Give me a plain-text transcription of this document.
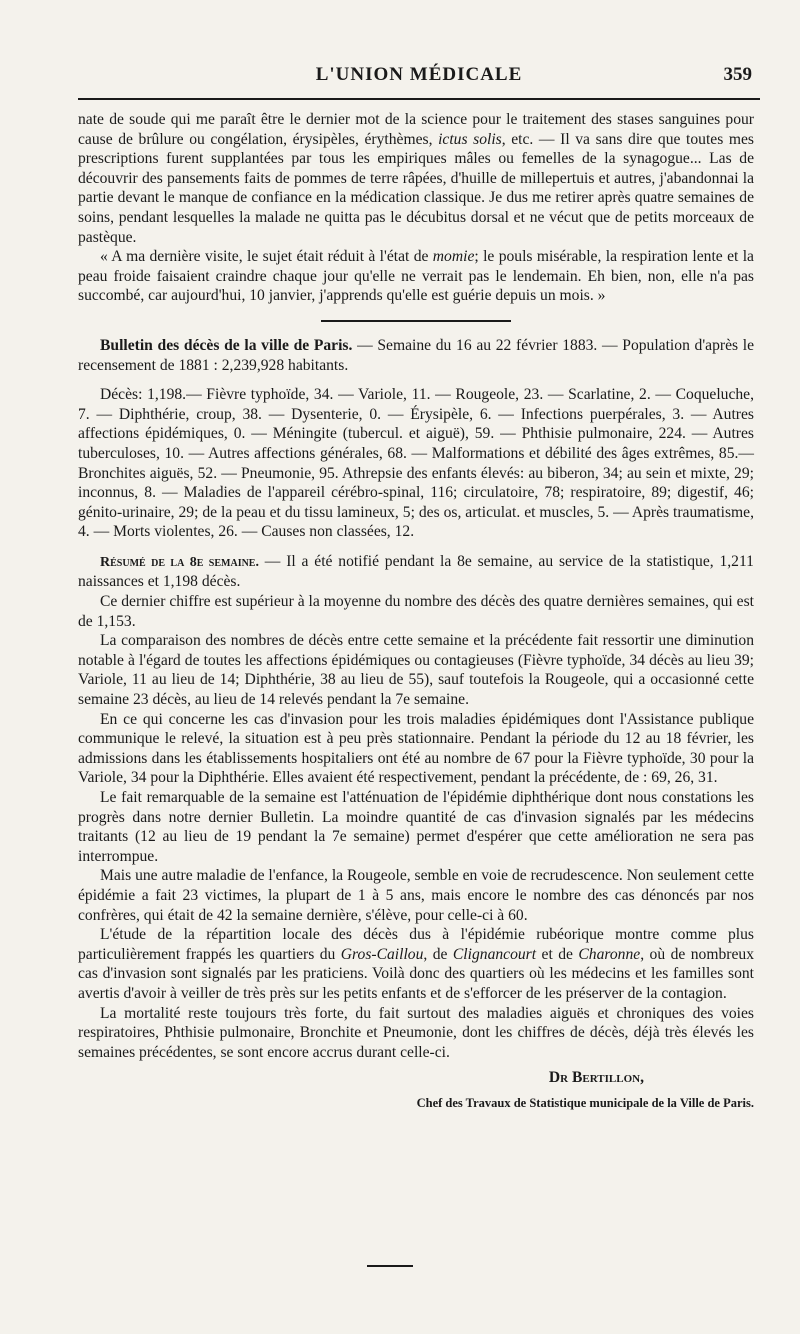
L'UNION MÉDICALE	359

nate de soude qui me paraît être le dernier mot de la science pour le traitement des stases sanguines pour cause de brûlure ou congélation, érysipèles, érythèmes, ictus solis, etc. — Il va sans dire que toutes mes prescriptions furent supplantées par tous les empiriques mâles ou femelles de la synagogue... Las de découvrir des pansements faits de pommes de terre râpées, d'huille de millepertuis et autres, j'abandonnai la partie devant le manque de confiance en la médication classique. Je dus me retirer après quatre semaines de soins, pendant lesquelles la malade ne quitta pas le décubitus dorsal et ne vécut que de petits morceaux de pastèque.

« A ma dernière visite, le sujet était réduit à l'état de momie; le pouls misérable, la respiration lente et la peau froide faisaient craindre chaque jour qu'elle ne verrait pas le lendemain. Eh bien, non, elle n'a pas succombé, car aujourd'hui, 10 janvier, j'apprends qu'elle est guérie depuis un mois. »

Bulletin des décès de la ville de Paris. — Semaine du 16 au 22 février 1883. — Population d'après le recensement de 1881 : 2,239,928 habitants.

Décès: 1,198.— Fièvre typhoïde, 34. — Variole, 11. — Rougeole, 23. — Scarlatine, 2. — Coqueluche, 7. — Diphthérie, croup, 38. — Dysenterie, 0. — Érysipèle, 6. — Infections puerpérales, 3. — Autres affections épidémiques, 0. — Méningite (tubercul. et aiguë), 59. — Phthisie pulmonaire, 224. — Autres tuberculoses, 10. — Autres affections générales, 68. — Malformations et débilité des âges extrêmes, 85.— Bronchites aiguës, 52. — Pneumonie, 95. Athrepsie des enfants élevés: au biberon, 34; au sein et mixte, 29; inconnus, 8. — Maladies de l'appareil cérébro-spinal, 116; circulatoire, 78; respiratoire, 89; digestif, 46; génito-urinaire, 29; de la peau et du tissu lamineux, 5; des os, articulat. et muscles, 5. — Après traumatisme, 4. — Morts violentes, 26. — Causes non classées, 12.

Résumé de la 8e semaine. — Il a été notifié pendant la 8e semaine, au service de la statistique, 1,211 naissances et 1,198 décès.

Ce dernier chiffre est supérieur à la moyenne du nombre des décès des quatre dernières semaines, qui est de 1,153.

La comparaison des nombres de décès entre cette semaine et la précédente fait ressortir une diminution notable à l'égard de toutes les affections épidémiques ou contagieuses (Fièvre typhoïde, 34 décès au lieu 39; Variole, 11 au lieu de 14; Diphthérie, 38 au lieu de 55), sauf toutefois la Rougeole, qui a occasionné cette semaine 23 décès, au lieu de 14 relevés pendant la 7e semaine.

En ce qui concerne les cas d'invasion pour les trois maladies épidémiques dont l'Assistance publique communique le relevé, la situation est à peu près stationnaire. Pendant la période du 12 au 18 février, les admissions dans les établissements hospitaliers ont été au nombre de 67 pour la Fièvre typhoïde, 30 pour la Variole, 34 pour la Diphthérie. Elles avaient été respectivement, pendant la précédente, de : 69, 26, 31.

Le fait remarquable de la semaine est l'atténuation de l'épidémie diphthérique dont nous constations les progrès dans notre dernier Bulletin. La moindre quantité de cas d'invasion signalés par les médecins traitants (12 au lieu de 19 pendant la 7e semaine) permet d'espérer que cette amélioration ne sera pas interrompue.

Mais une autre maladie de l'enfance, la Rougeole, semble en voie de recrudescence. Non seulement cette épidémie a fait 23 victimes, la plupart de 1 à 5 ans, mais encore le nombre des cas dénoncés par nos confrères, qui était de 42 la semaine dernière, s'élève, pour celle-ci à 60.

L'étude de la répartition locale des décès dus à l'épidémie rubéorique montre comme plus particulièrement frappés les quartiers du Gros-Caillou, de Clignancourt et de Charonne, où de nombreux cas d'invasion sont signalés par les praticiens. Voilà donc des quartiers où les médecins et les familles sont avertis d'avoir à veiller de très près sur les petits enfants et de s'efforcer de les préserver de la contagion.

La mortalité reste toujours très forte, du fait surtout des maladies aiguës et chroniques des voies respiratoires, Phthisie pulmonaire, Bronchite et Pneumonie, dont les chiffres de décès, déjà très élevés les semaines précédentes, se sont encore accrus durant celle-ci.

Dr Bertillon,

Chef des Travaux de Statistique municipale de la Ville de Paris.
